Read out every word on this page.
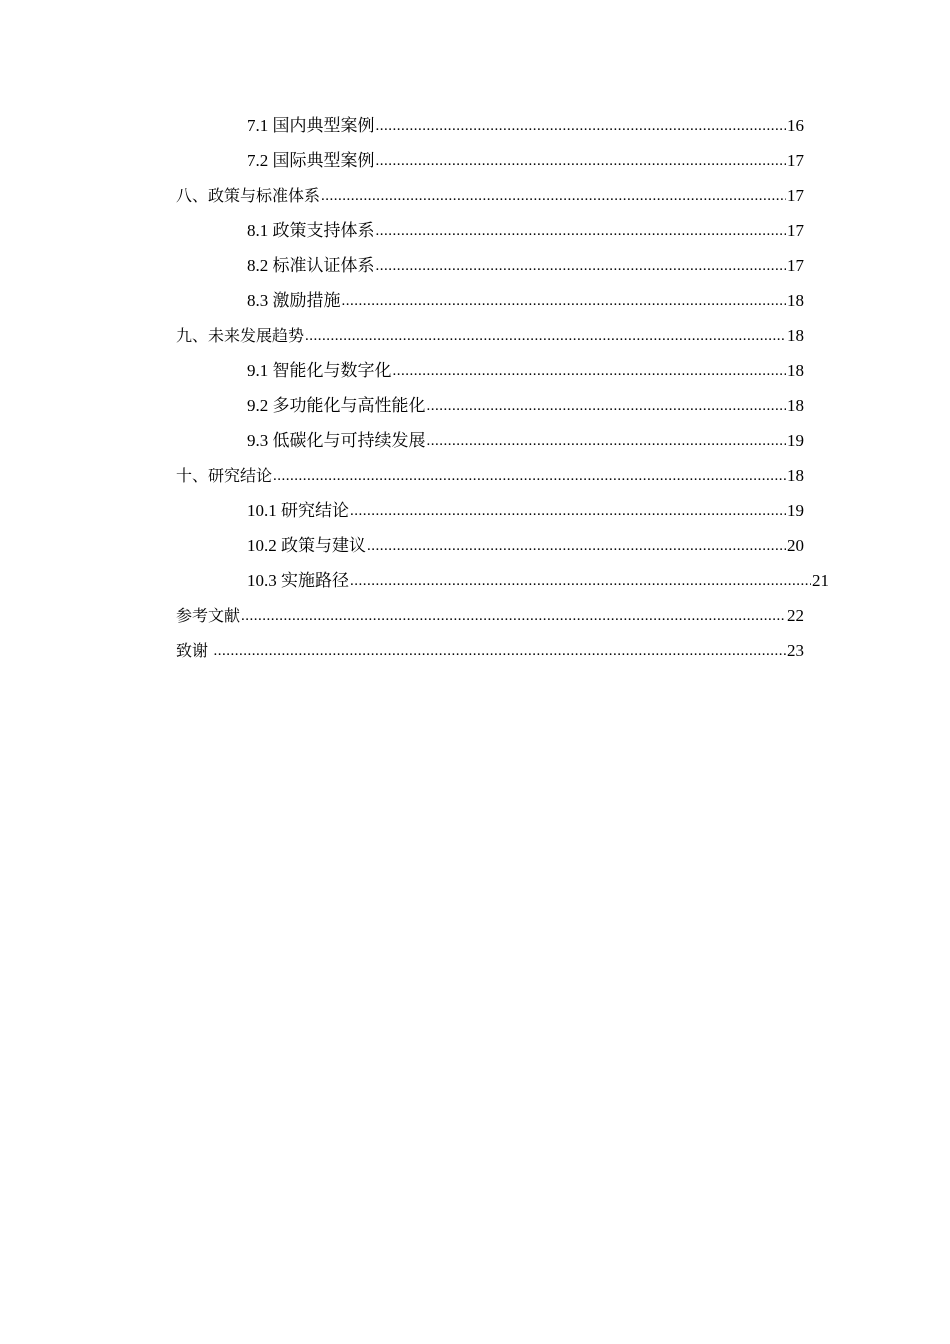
7.1 国内典型案例 .....	16
7.2 国际典型案例 .....	17
八、政策与标准体系 .....	17
8.1 政策支持体系 .....	17
8.2 标准认证体系 .....	17
8.3 激励措施 .....	18
九、未来发展趋势 .....	18
9.1 智能化与数字化 .....	18
9.2 多功能化与高性能化 .....	18
9.3 低碳化与可持续发展 .....	19
十、研究结论 .....	18
10.1 研究结论 .....	19
10.2 政策与建议 .....	20
10.3 实施路径 .....	21
参考文献 .....	22
致谢 .....	23
